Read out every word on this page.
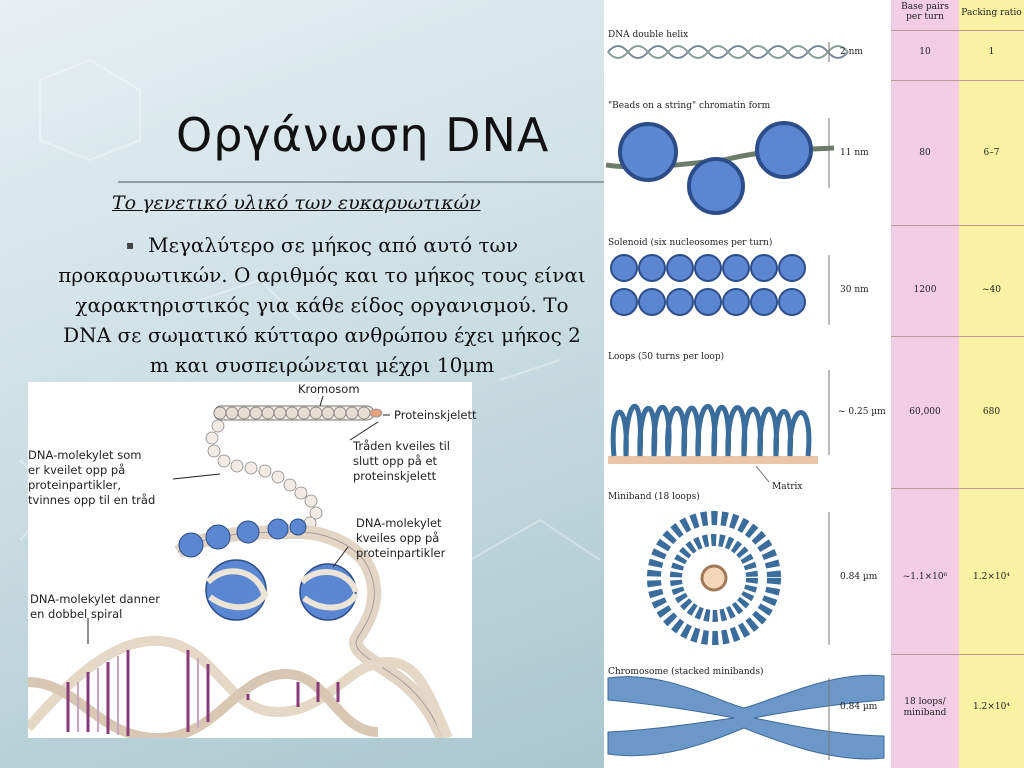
Οργάνωση DNA
Το γενετικό υλικό των ευκαρυωτικών
▪ Μεγαλύτερο σε μήκος από αυτό των προκαρυωτικών. Ο αριθμός και το μήκος τους είναι χαρακτηριστικός για κάθε είδος οργανισμού. Το DNA σε σωματικό κύτταρο ανθρώπου έχει μήκος 2 m και συσπειρώνεται μέχρι 10μm
Kromosom
Proteinskjelett
Tråden kveiles til
slutt opp på et
proteinskjelett
DNA-molekylet som
er kveilet opp på
proteinpartikler,
tvinnes opp til en tråd
DNA-molekylet
kveiles opp på
proteinpartikler
DNA-molekylet danner
en dobbel spiral
Base pairs
per turn	Packing ratio
DNA double helix
"Beads on a string" chromatin form
Solenoid (six nucleosomes per turn)
Loops (50 turns per loop)
Miniband (18 loops)
Chromosome (stacked minibands)
Matrix
2 nm
11 nm
30 nm
~ 0.25 µm
0.84 µm
0.84 µm
10
80
1200
60,000
~1.1×10⁶
18 loops/ miniband
1
6–7
~40
680
1.2×10⁴
1.2×10⁴
